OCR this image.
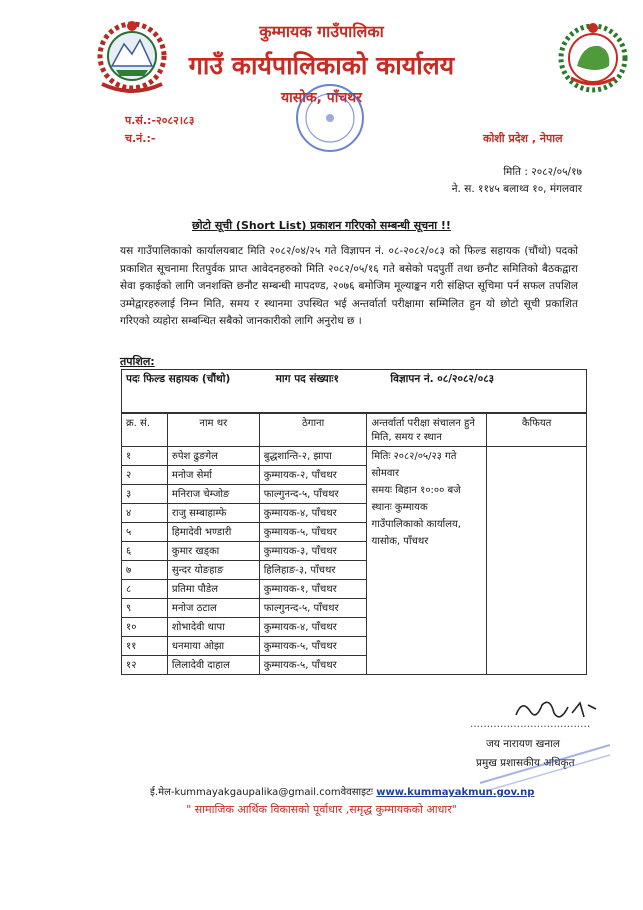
कुम्मायक गाउँपालिका
गाउँ कार्यपालिकाको कार्यालय
यासोक, पाँचथर
प.सं.:-२०८२।८३
च.नं.:-	कोशी प्रदेश , नेपाल
मिति : २०८२/०५/१७
ने. स. ११४५ बलाथ्व १०, मंगलवार
छोटो सूची (Short List) प्रकाशन गरिएको सम्बन्धी सूचना !!
यस गाउँपालिकाको कार्यालयबाट मिति २०८२/०४/२५ गते विज्ञापन नं. ०८-२०८२/०८३ को फिल्ड सहायक (चौंथो) पदको प्रकाशित सूचनामा रितपुर्वक प्राप्त आवेदनहरुको मिति २०८२/०५/१६ गते बसेको पदपुर्ती तथा छनौट समितिको बैठकद्वारा सेवा इकाईको लागि जनशक्ति छनौट सम्बन्धी मापदण्ड, २०७६ बमोजिम मूल्याङ्कन गरी संक्षिप्त सूचिमा पर्न सफल तपशिल उम्मेद्वारहरुलाई निम्न मिति, समय र स्थानमा उपस्थित भई अन्तर्वार्ता परीक्षामा सम्मिलित हुन यो छोटो सूची प्रकाशित गरिएको व्यहोरा सम्बन्धित सबैको जानकारीको लागि अनुरोध छ ।
तपशिल:
पदः फिल्ड सहायक (चौंथो)	माग पद संख्याः१	विज्ञापन नं. ०८/२०८२/०८३
क्र. सं.	नाम थर	ठेगाना	अन्तर्वार्ता परीक्षा संचालन हुने मिति, समय र स्थान	कैफियत
१	रुपेश ढुङगेल	बुद्धशान्ति-२, झापा	मितिः २०८२/०५/२३ गते सोमवार
समयः बिहान १०:०० बजे
स्थानः कुम्मायक गाउँपालिकाको कार्यालय, यासोक, पाँचथर	

२	मनोज सेर्मा	कुम्मायक-२, पाँचथर		
३	मनिराज चेम्जोङ	फाल्गुनन्द-५, पाँचथर		
४	राजु सम्बाहाम्फे	कुम्मायक-४, पाँचथर		
५	हिमादेवी भण्डारी	कुम्मायक-५, पाँचथर		
६	कुमार खड्का	कुम्मायक-३, पाँचथर		
७	सुन्दर योङहाङ	हिलिहाङ-३, पाँचथर		
८	प्रतिमा पौडेल	कुम्मायक-१, पाँचथर		
९	मनोज ठटाल	फाल्गुनन्द-५, पाँचथर		
१०	शोभादेवी थापा	कुम्मायक-४, पाँचथर		
११	धनमाया ओझा	कुम्मायक-५, पाँचथर		
१२	लिलादेवी दाहाल	कुम्मायक-५, पाँचथर		
....................................
जय नारायण खनाल
प्रमुख प्रशासकीय अधिकृत
ई.मेल-kummayakgaupalika@gmail.comवेवसाइटः www.kummayakmun.gov.np
" सामाजिक आर्थिक विकासको पूर्वाधार ,समृद्ध कुम्मायकको आधार"
